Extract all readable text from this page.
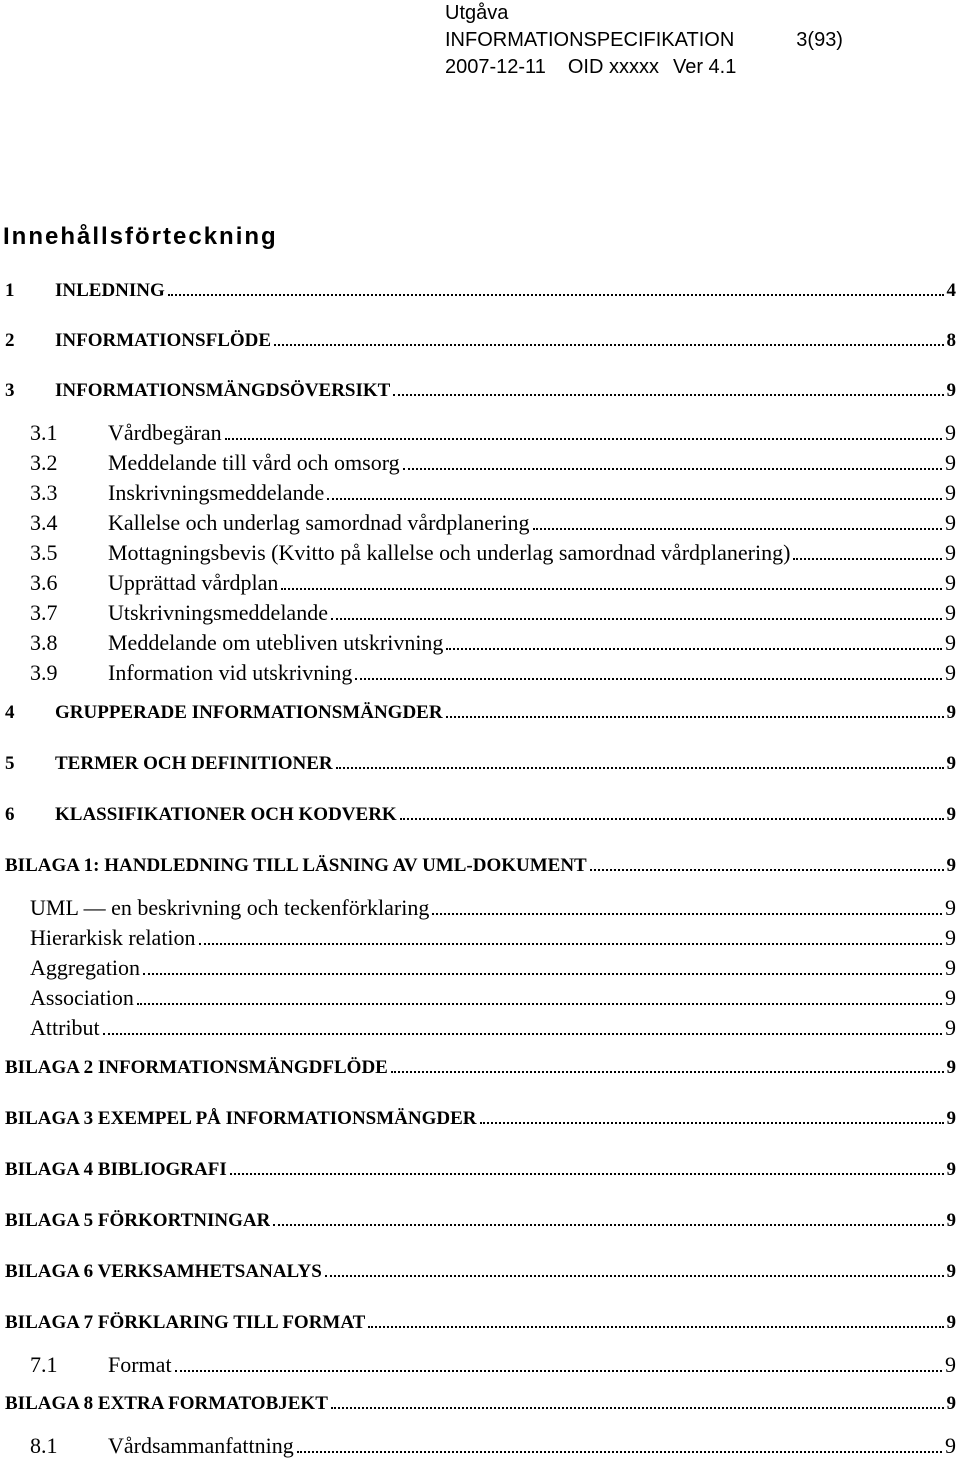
Utgåva
INFORMATIONSPECIFIKATION	3(93)
2007-12-11 OID xxxxx Ver 4.1
Innehållsförteckning
1	INLEDNING	4
2	INFORMATIONSFLÖDE	8
3	INFORMATIONSMÄNGDSÖVERSIKT	9
3.1	Vårdbegäran	9
3.2	Meddelande till vård och omsorg	9
3.3	Inskrivningsmeddelande	9
3.4	Kallelse och underlag samordnad vårdplanering	9
3.5	Mottagningsbevis (Kvitto på kallelse och underlag samordnad vårdplanering)	9
3.6	Upprättad vårdplan	9
3.7	Utskrivningsmeddelande	9
3.8	Meddelande om utebliven utskrivning	9
3.9	Information vid utskrivning	9
4	GRUPPERADE INFORMATIONSMÄNGDER	9
5	TERMER OCH DEFINITIONER	9
6	KLASSIFIKATIONER OCH KODVERK	9
BILAGA 1: HANDLEDNING TILL LÄSNING AV UML-DOKUMENT	9
UML — en beskrivning och teckenförklaring	9
Hierarkisk relation	9
Aggregation	9
Association	9
Attribut	9
BILAGA 2 INFORMATIONSMÄNGDFLÖDE	9
BILAGA 3 EXEMPEL PÅ INFORMATIONSMÄNGDER	9
BILAGA 4 BIBLIOGRAFI	9
BILAGA 5 FÖRKORTNINGAR	9
BILAGA 6 VERKSAMHETSANALYS	9
BILAGA 7 FÖRKLARING TILL FORMAT	9
7.1	Format	9
BILAGA 8 EXTRA FORMATOBJEKT	9
8.1	Vårdsammanfattning	9
